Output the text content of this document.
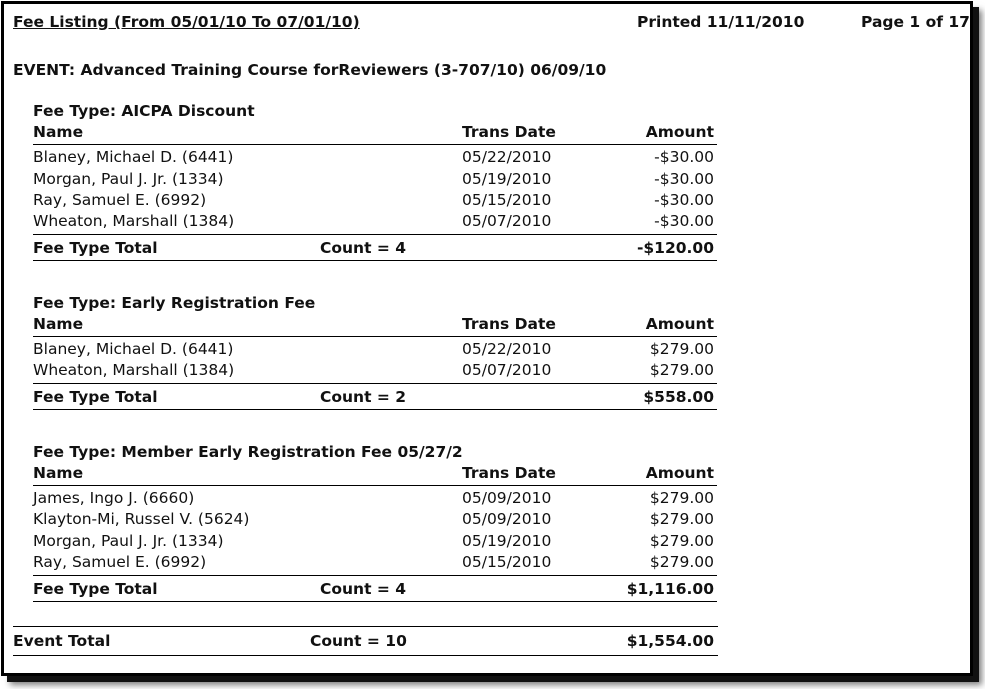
Fee Listing (From 05/01/10 To 07/01/10)	Printed 11/11/2010	Page 1 of 17
EVENT: Advanced Training Course forReviewers (3-707/10) 06/09/10
Fee Type: AICPA Discount
Name	Trans Date	Amount
Blaney, Michael D. (6441)	05/22/2010	-$30.00
Morgan, Paul J. Jr. (1334)	05/19/2010	-$30.00
Ray, Samuel E. (6992)	05/15/2010	-$30.00
Wheaton, Marshall (1384)	05/07/2010	-$30.00
Fee Type Total	Count = 4	-$120.00
Fee Type: Early Registration Fee
Name	Trans Date	Amount
Blaney, Michael D. (6441)	05/22/2010	$279.00
Wheaton, Marshall (1384)	05/07/2010	$279.00
Fee Type Total	Count = 2	$558.00
Fee Type: Member Early Registration Fee 05/27/2
Name	Trans Date	Amount
James, Ingo J. (6660)	05/09/2010	$279.00
Klayton-Mi, Russel V. (5624)	05/09/2010	$279.00
Morgan, Paul J. Jr. (1334)	05/19/2010	$279.00
Ray, Samuel E. (6992)	05/15/2010	$279.00
Fee Type Total	Count = 4	$1,116.00
Event Total	Count = 10	$1,554.00
